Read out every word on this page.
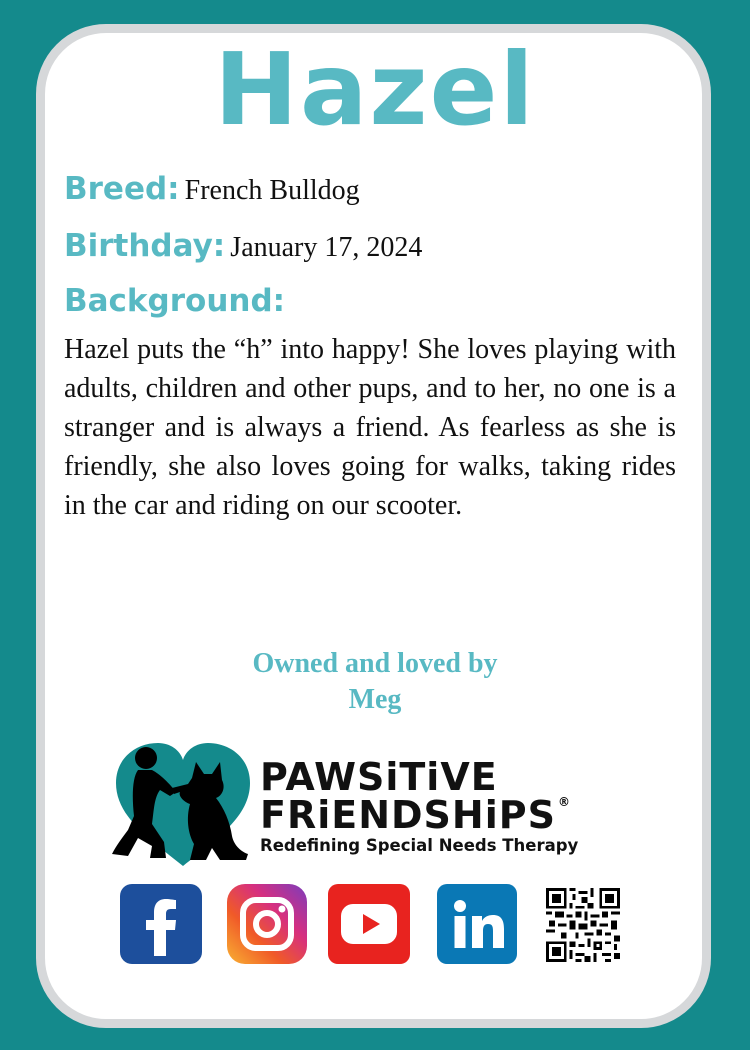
Hazel
Breed: French Bulldog
Birthday: January 17, 2024
Background:
Hazel puts the “h” into happy! She loves playing with adults, children and other pups, and to her, no one is a stranger and is always a friend. As fearless as she is friendly, she also loves going for walks, taking rides in the car and riding on our scooter.
Owned and loved by
Meg
PAWSiTiVE
FRiENDSHiPS ®
Redefining Special Needs Therapy
